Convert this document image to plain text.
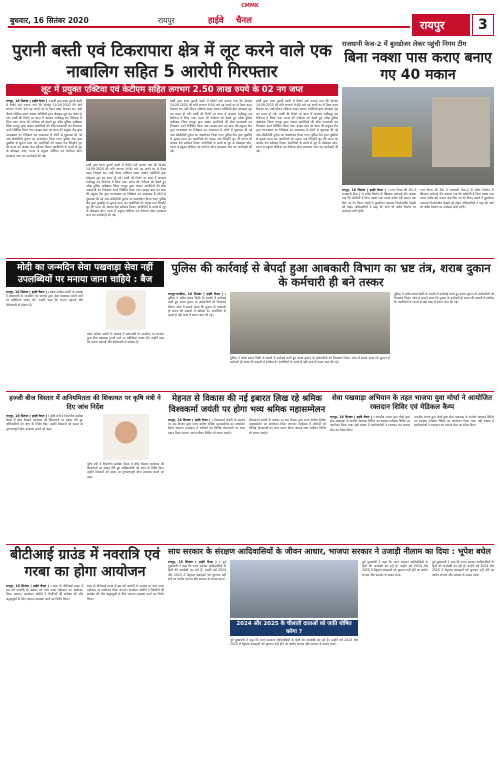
CMMK
बुधवार, 16 सितंबर 2020	रायपुर	हाईवे चैनल	रायपुर 3
पुरानी बस्ती एवं टिकरापारा क्षेत्र में लूट करने वाले एक नाबालिग सहित 5 आरोपी गिरफ्तार
लूट में प्रयुक्त एक्टिवा एवं केटीएम सहित लगभग 2.50 लाख रुपये के 02 नग जप्त
रायपुर, 16 सितंबर ( हाईवे चैनल ) । प्रार्थी द्वारा थाना पुरानी बस्ती में रिपोर्ट दर्ज कराया गया कि दिनांक 14.09.2020 की रात्रि लगभग 9:00 बजे वह अपने घर से पैदल बाहर निकला था। उसी दौरान एक्टिवा सवार अज्ञात व्यक्तियों द्वारा मोबाइल लूट कर फरार हो गये। प्रार्थी की रिपोर्ट पर थाना में अपराध पंजीबद्ध कर विवेचना में लिया गया। घटना की गंभीरता को देखते हुए वरिष्ठ पुलिस अधीक्षक जिला रायपुर द्वारा अज्ञात आरोपियों की शीघ्र पतासाजी कर गिरफ्तार करने निर्देशित किया गया। क्राइम ब्रांच एवं थाना की संयुक्त टीम द्वारा घटनास्थल का निरीक्षण कर आसपास के लोगों से पूछताछ की गई तथा सीसीटीवी फुटेज का अवलोकन किया गया। पुलिस टीम द्वारा मुखबिर से सूचना प्राप्त कर आरोपियों को पकड़ा गया जिन्होंने लूट की घटना को अंजाम देना स्वीकार किया। आरोपियों के कब्जे से लूट के मोबाइल फोन, घटना में प्रयुक्त एक्टिवा एवं केटीएम मोटर सायकल जप्त कर कार्यवाही की गई।
प्रार्थी द्वारा थाना पुरानी बस्ती में रिपोर्ट दर्ज कराया गया कि दिनांक 14.09.2020 की रात्रि लगभग 9:00 बजे वह अपने घर से पैदल बाहर निकला था। उसी दौरान एक्टिवा सवार अज्ञात व्यक्तियों द्वारा मोबाइल लूट कर फरार हो गये। प्रार्थी की रिपोर्ट पर थाना में अपराध पंजीबद्ध कर विवेचना में लिया गया। घटना की गंभीरता को देखते हुए वरिष्ठ पुलिस अधीक्षक जिला रायपुर द्वारा अज्ञात आरोपियों की शीघ्र पतासाजी कर गिरफ्तार करने निर्देशित किया गया। क्राइम ब्रांच एवं थाना की संयुक्त टीम द्वारा घटनास्थल का निरीक्षण कर आसपास के लोगों से पूछताछ की गई तथा सीसीटीवी फुटेज का अवलोकन किया गया। पुलिस टीम द्वारा मुखबिर से सूचना प्राप्त कर आरोपियों को पकड़ा गया जिन्होंने लूट की घटना को अंजाम देना स्वीकार किया। आरोपियों के कब्जे से लूट के मोबाइल फोन, घटना में प्रयुक्त एक्टिवा एवं केटीएम मोटर सायकल जप्त कर कार्यवाही की गई।
प्रार्थी द्वारा थाना पुरानी बस्ती में रिपोर्ट दर्ज कराया गया कि दिनांक 14.09.2020 की रात्रि लगभग 9:00 बजे वह अपने घर से पैदल बाहर निकला था। उसी दौरान एक्टिवा सवार अज्ञात व्यक्तियों द्वारा मोबाइल लूट कर फरार हो गये। प्रार्थी की रिपोर्ट पर थाना में अपराध पंजीबद्ध कर विवेचना में लिया गया। घटना की गंभीरता को देखते हुए वरिष्ठ पुलिस अधीक्षक जिला रायपुर द्वारा अज्ञात आरोपियों की शीघ्र पतासाजी कर गिरफ्तार करने निर्देशित किया गया। क्राइम ब्रांच एवं थाना की संयुक्त टीम द्वारा घटनास्थल का निरीक्षण कर आसपास के लोगों से पूछताछ की गई तथा सीसीटीवी फुटेज का अवलोकन किया गया। पुलिस टीम द्वारा मुखबिर से सूचना प्राप्त कर आरोपियों को पकड़ा गया जिन्होंने लूट की घटना को अंजाम देना स्वीकार किया। आरोपियों के कब्जे से लूट के मोबाइल फोन, घटना में प्रयुक्त एक्टिवा एवं केटीएम मोटर सायकल जप्त कर कार्यवाही की गई।
प्रार्थी द्वारा थाना पुरानी बस्ती में रिपोर्ट दर्ज कराया गया कि दिनांक 14.09.2020 की रात्रि लगभग 9:00 बजे वह अपने घर से पैदल बाहर निकला था। उसी दौरान एक्टिवा सवार अज्ञात व्यक्तियों द्वारा मोबाइल लूट कर फरार हो गये। प्रार्थी की रिपोर्ट पर थाना में अपराध पंजीबद्ध कर विवेचना में लिया गया। घटना की गंभीरता को देखते हुए वरिष्ठ पुलिस अधीक्षक जिला रायपुर द्वारा अज्ञात आरोपियों की शीघ्र पतासाजी कर गिरफ्तार करने निर्देशित किया गया। क्राइम ब्रांच एवं थाना की संयुक्त टीम द्वारा घटनास्थल का निरीक्षण कर आसपास के लोगों से पूछताछ की गई तथा सीसीटीवी फुटेज का अवलोकन किया गया। पुलिस टीम द्वारा मुखबिर से सूचना प्राप्त कर आरोपियों को पकड़ा गया जिन्होंने लूट की घटना को अंजाम देना स्वीकार किया। आरोपियों के कब्जे से लूट के मोबाइल फोन, घटना में प्रयुक्त एक्टिवा एवं केटीएम मोटर सायकल जप्त कर कार्यवाही की गई।
राजधानी फेज-2 में बुलडोजर लेकर पहुंची निगम टीम
बिना नक्शा पास कराए बनाए गए 40 मकान
रायपुर, 16 सितंबर ( हाईवे चैनल ) । नगर निगम की टीम ने राजधानी फेज-2 में अवैध निर्माण के खिलाफ कार्रवाई की। बताया गया कि कॉलोनी में बिना नक्शा पास कराए करीब 40 मकान बना लिए गए थे। निगम अमले ने बुलडोजर चलाकर निर्माणाधीन हिस्सों को तोड़ा। अधिकारियों ने कहा कि आगे भी अवैध निर्माण पर कार्रवाई जारी रहेगी।
नगर निगम की टीम ने राजधानी फेज-2 में अवैध निर्माण के खिलाफ कार्रवाई की। बताया गया कि कॉलोनी में बिना नक्शा पास कराए करीब 40 मकान बना लिए गए थे। निगम अमले ने बुलडोजर चलाकर निर्माणाधीन हिस्सों को तोड़ा। अधिकारियों ने कहा कि आगे भी अवैध निर्माण पर कार्रवाई जारी रहेगी।
मोदी का जन्मदिन सेवा पखवाड़ा सेवा नहीं उपलब्धियों पर मनाया जाना चाहिये : बैज
रायपुर, 16 सितंबर ( हाईवे चैनल ) । प्रदेश कांग्रेस कमेटी के अध्यक्ष ने प्रधानमंत्री के जन्मदिन पर भाजपा द्वारा सेवा पखवाड़ा मनाये जाने पर प्रतिक्रिया व्यक्त की। उन्होंने कहा कि जनता महंगाई और बेरोजगारी से परेशान है।
प्रदेश कांग्रेस कमेटी के अध्यक्ष ने प्रधानमंत्री के जन्मदिन पर भाजपा द्वारा सेवा पखवाड़ा मनाये जाने पर प्रतिक्रिया व्यक्त की। उन्होंने कहा कि जनता महंगाई और बेरोजगारी से परेशान है।
पुलिस की कार्रवाई से बेपर्दा हुआ आबकारी विभाग का भ्रष्ट तंत्र, शराब दुकान के कर्मचारी ही बने तस्कर
रायपुर-धरसींवा, 16 सितंबर ( हाईवे चैनल ) । पुलिस ने अवैध शराब बिक्री के मामले में कार्रवाई करते हुए शराब दुकान के कर्मचारियों को गिरफ्तार किया। जांच में सामने आया कि दुकान के कर्मचारी ही शराब की तस्करी में शामिल थे। आरोपियों के कब्जे से बड़ी मात्रा में शराब जप्त की गई।
पुलिस ने अवैध शराब बिक्री के मामले में कार्रवाई करते हुए शराब दुकान के कर्मचारियों को गिरफ्तार किया। जांच में सामने आया कि दुकान के कर्मचारी ही शराब की तस्करी में शामिल थे। आरोपियों के कब्जे से बड़ी मात्रा में शराब जप्त की गई।
पुलिस ने अवैध शराब बिक्री के मामले में कार्रवाई करते हुए शराब दुकान के कर्मचारियों को गिरफ्तार किया। जांच में सामने आया कि दुकान के कर्मचारी ही शराब की तस्करी में शामिल थे। आरोपियों के कब्जे से बड़ी मात्रा में शराब जप्त की गई।
हज्जी बीज विस्तार में अनियमितता की शिकायत पर कृषि मंत्री ने दिए जांच निर्देश
रायपुर, 16 सितंबर ( हाईवे चैनल ) । कृषि मंत्री ने विभागीय समीक्षा बैठक में बीज विस्तार कार्यक्रम की शिकायतों पर संज्ञान लेते हुए अधिकारियों को जांच के निर्देश दिए। उन्होंने किसानों को समय पर गुणवत्तापूर्ण बीज उपलब्ध कराने को कहा।
कृषि मंत्री ने विभागीय समीक्षा बैठक में बीज विस्तार कार्यक्रम की शिकायतों पर संज्ञान लेते हुए अधिकारियों को जांच के निर्देश दिए। उन्होंने किसानों को समय पर गुणवत्तापूर्ण बीज उपलब्ध कराने को कहा।
मेहनत से विकास की नई इबारत लिख रहे श्रमिक विश्वकर्मा जयंती पर होगा भव्य श्रमिक महासम्मेलन
रायपुर, 16 सितंबर ( हाईवे चैनल ) । विश्वकर्मा जयंती के अवसर पर श्रम विभाग द्वारा राज्य स्तरीय श्रमिक महासम्मेलन का आयोजन किया जाएगा। कार्यक्रम में श्रमिकों को विभिन्न योजनाओं का लाभ प्रदान किया जाएगा तथा पंजीयन शिविर भी लगाए जाएंगे।
विश्वकर्मा जयंती के अवसर पर श्रम विभाग द्वारा राज्य स्तरीय श्रमिक महासम्मेलन का आयोजन किया जाएगा। कार्यक्रम में श्रमिकों को विभिन्न योजनाओं का लाभ प्रदान किया जाएगा तथा पंजीयन शिविर भी लगाए जाएंगे।
सेवा पखवाड़ा अभियान के तहत भाजपा युवा मोर्चा ने आयोजित रक्तदान शिविर एवं मेडिकल कैम्प
रायपुर, 16 सितंबर ( हाईवे चैनल ) । भारतीय जनता युवा मोर्चा द्वारा सेवा पखवाड़ा के अंतर्गत रक्तदान शिविर एवं स्वास्थ्य परीक्षण शिविर का आयोजन किया गया। बड़ी संख्या में कार्यकर्ताओं ने रक्तदान कर समाज सेवा का संदेश दिया।
भारतीय जनता युवा मोर्चा द्वारा सेवा पखवाड़ा के अंतर्गत रक्तदान शिविर एवं स्वास्थ्य परीक्षण शिविर का आयोजन किया गया। बड़ी संख्या में कार्यकर्ताओं ने रक्तदान कर समाज सेवा का संदेश दिया।
बीटीआई ग्राउंड में नवरात्रि एवं गरबा का होगा आयोजन
रायपुर, 16 सितंबर ( हाईवे चैनल ) । शहर के बीटीआई ग्राउंड में इस वर्ष नवरात्रि के अवसर पर भव्य गरबा महोत्सव का आयोजन किया जाएगा। आयोजन समिति ने तैयारियों की समीक्षा की और श्रद्धालुओं के लिए व्यापक व्यवस्था करने का निर्णय लिया।
शहर के बीटीआई ग्राउंड में इस वर्ष नवरात्रि के अवसर पर भव्य गरबा महोत्सव का आयोजन किया जाएगा। आयोजन समिति ने तैयारियों की समीक्षा की और श्रद्धालुओं के लिए व्यापक व्यवस्था करने का निर्णय लिया।
साय सरकार के संरक्षण आदिवासियों के जीवन आधार, भाजपा सरकार ने उजाड़ी नीलाम का दिया : भूपेश बघेल
रायपुर, 16 सितंबर ( हाईवे चैनल ) । पूर्व मुख्यमंत्री ने कहा कि राज्य सरकार आदिवासियों के हितों की अनदेखी कर रही है। उन्होंने वर्ष 2024 और 2025 में तेंदूपत्ता संग्राहकों को भुगतान नहीं होने का आरोप लगाया और सरकार से जवाब मांगा।
2024 और 2025 के चीलाती दाताओं को जाति घोषित करेगा ?
पूर्व मुख्यमंत्री ने कहा कि राज्य सरकार आदिवासियों के हितों की अनदेखी कर रही है। उन्होंने वर्ष 2024 और 2025 में तेंदूपत्ता संग्राहकों को भुगतान नहीं होने का आरोप लगाया और सरकार से जवाब मांगा।
पूर्व मुख्यमंत्री ने कहा कि राज्य सरकार आदिवासियों के हितों की अनदेखी कर रही है। उन्होंने वर्ष 2024 और 2025 में तेंदूपत्ता संग्राहकों को भुगतान नहीं होने का आरोप लगाया और सरकार से जवाब मांगा।
पूर्व मुख्यमंत्री ने कहा कि राज्य सरकार आदिवासियों के हितों की अनदेखी कर रही है। उन्होंने वर्ष 2024 और 2025 में तेंदूपत्ता संग्राहकों को भुगतान नहीं होने का आरोप लगाया और सरकार से जवाब मांगा।
